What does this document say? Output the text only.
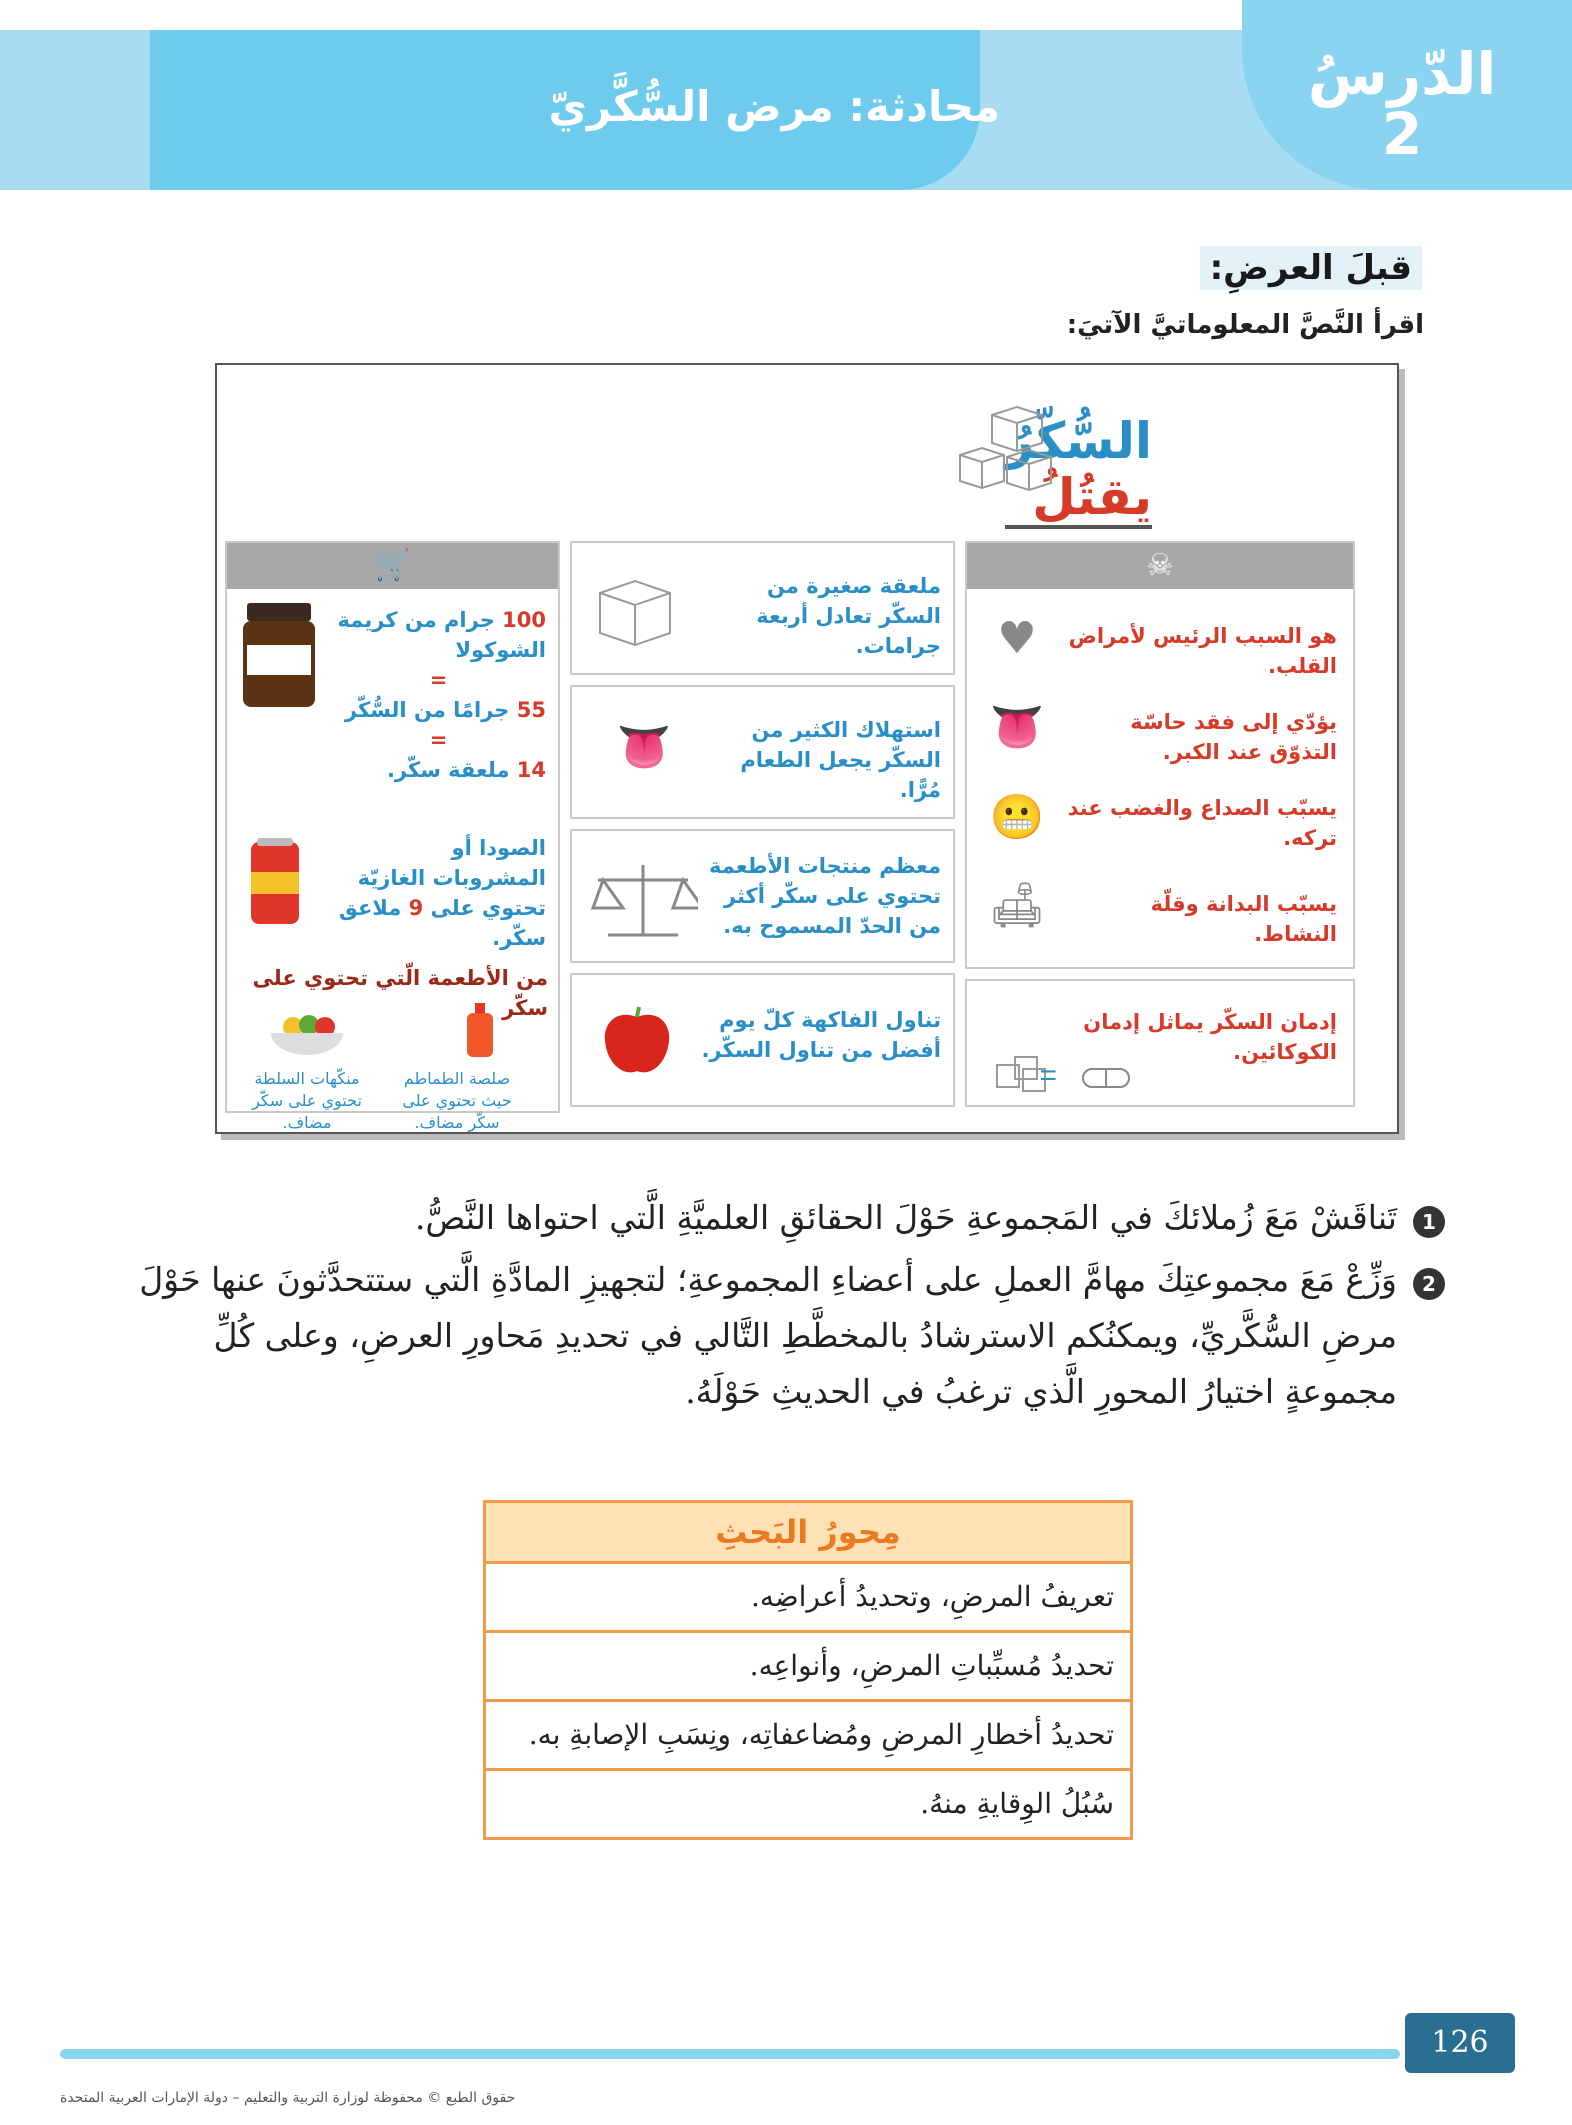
محادثة: مرض السُّكَّريّ	الدّرسُ
2
قبلَ العرضِ:
اقرأ النَّصَّ المعلوماتيَّ الآتيَ:
السُّكّرُ
يقتُلُ
🛒
100 جرام من كريمة الشوكولا
=
55 جرامًا من السُّكّر
=
14 ملعقة سكّر.
الصودا أو المشروبات الغازيّة تحتوي على 9 ملاعق سكّر.
من الأطعمة الّتي تحتوي على سكّر
صلصة الطماطم حيث تحتوي على سكّر مضاف.
منكّهات السلطة تحتوي على سكّر مضاف.
ملعقة صغيرة من السكّر تعادل أربعة جرامات.
👅	استهلاك الكثير من السكّر يجعل الطعام مُرًّا.
معظم منتجات الأطعمة تحتوي على سكّر أكثر من الحدّ المسموح به.
تناول الفاكهة كلّ يوم أفضل من تناول السكّر.
☠
♥	هو السبب الرئيس لأمراض القلب.
👅	يؤدّي إلى فقد حاسّة التذوّق عند الكبر.
😬	يسبّب الصداع والغضب عند تركه.
🛋	يسبّب البدانة وقلّة النشاط.
إدمان السكّر يماثل إدمان الكوكائين.
=
1
تَناقَشْ مَعَ زُملائكَ في المَجموعةِ حَوْلَ الحقائقِ العلميَّةِ الَّتي احتواها النَّصُّ.
2
وَزِّعْ مَعَ مجموعتِكَ مهامَّ العملِ على أعضاءِ المجموعةِ؛ لتجهيزِ المادَّةِ الَّتي ستتحدَّثونَ عنها حَوْلَ مرضِ السُّكَّريِّ، ويمكنُكم الاسترشادُ بالمخطَّطِ التَّالي في تحديدِ مَحاورِ العرضِ، وعلى كُلِّ مجموعةٍ اختيارُ المحورِ الَّذي ترغبُ في الحديثِ حَوْلَهُ.
مِحورُ البَحثِ
تعريفُ المرضِ، وتحديدُ أعراضِه.
تحديدُ مُسبِّباتِ المرضِ، وأنواعِه.
تحديدُ أخطارِ المرضِ ومُضاعفاتِه، ونِسَبِ الإصابةِ به.
سُبُلُ الوِقايةِ منهُ.
126
حقوق الطبع © محفوظة لوزارة التربية والتعليم – دولة الإمارات العربية المتحدة
